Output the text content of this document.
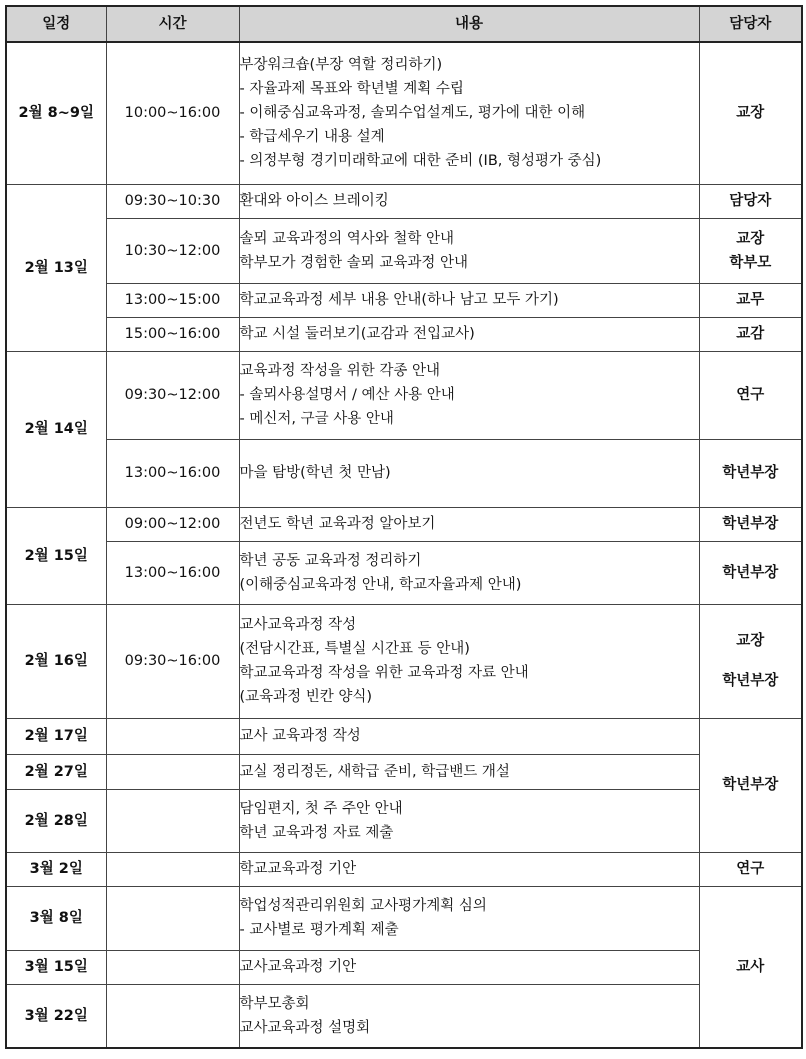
일정	시간	내용	담당자
2월 8~9일	10:00~16:00	부장워크숍(부장 역할 정리하기)
- 자율과제 목표와 학년별 계획 수립
- 이해중심교육과정, 솔뫼수업설계도, 평가에 대한 이해
- 학급세우기 내용 설계
- 의정부형 경기미래학교에 대한 준비 (IB, 형성평가 중심)	교장

2월 13일	09:30~10:30	환대와 아이스 브레이킹	담당자

	10:30~12:00	솔뫼 교육과정의 역사와 철학 안내
학부모가 경험한 솔뫼 교육과정 안내	교장
학부모

	13:00~15:00	학교교육과정 세부 내용 안내(하나 남고 모두 가기)	교무

	15:00~16:00	학교 시설 둘러보기(교감과 전입교사)	교감

2월 14일	09:30~12:00	교육과정 작성을 위한 각종 안내
- 솔뫼사용설명서 / 예산 사용 안내
- 메신저, 구글 사용 안내	연구

	13:00~16:00	마을 탐방(학년 첫 만남)	학년부장

2월 15일	09:00~12:00	전년도 학년 교육과정 알아보기	학년부장

	13:00~16:00	학년 공동 교육과정 정리하기
(이해중심교육과정 안내, 학교자율과제 안내)	학년부장

2월 16일	09:30~16:00	교사교육과정 작성
(전담시간표, 특별실 시간표 등 안내)
학교교육과정 작성을 위한 교육과정 자료 안내
(교육과정 빈칸 양식)	교장
학년부장

2월 17일		교사 교육과정 작성	학년부장

2월 27일		교실 정리정돈, 새학급 준비, 학급밴드 개설	

2월 28일		담임편지, 첫 주 주안 안내
학년 교육과정 자료 제출	

3월 2일		학교교육과정 기안	연구

3월 8일		학업성적관리위원회 교사평가계획 심의
- 교사별로 평가계획 제출	교사

3월 15일		교사교육과정 기안	

3월 22일		학부모총회
교사교육과정 설명회	
